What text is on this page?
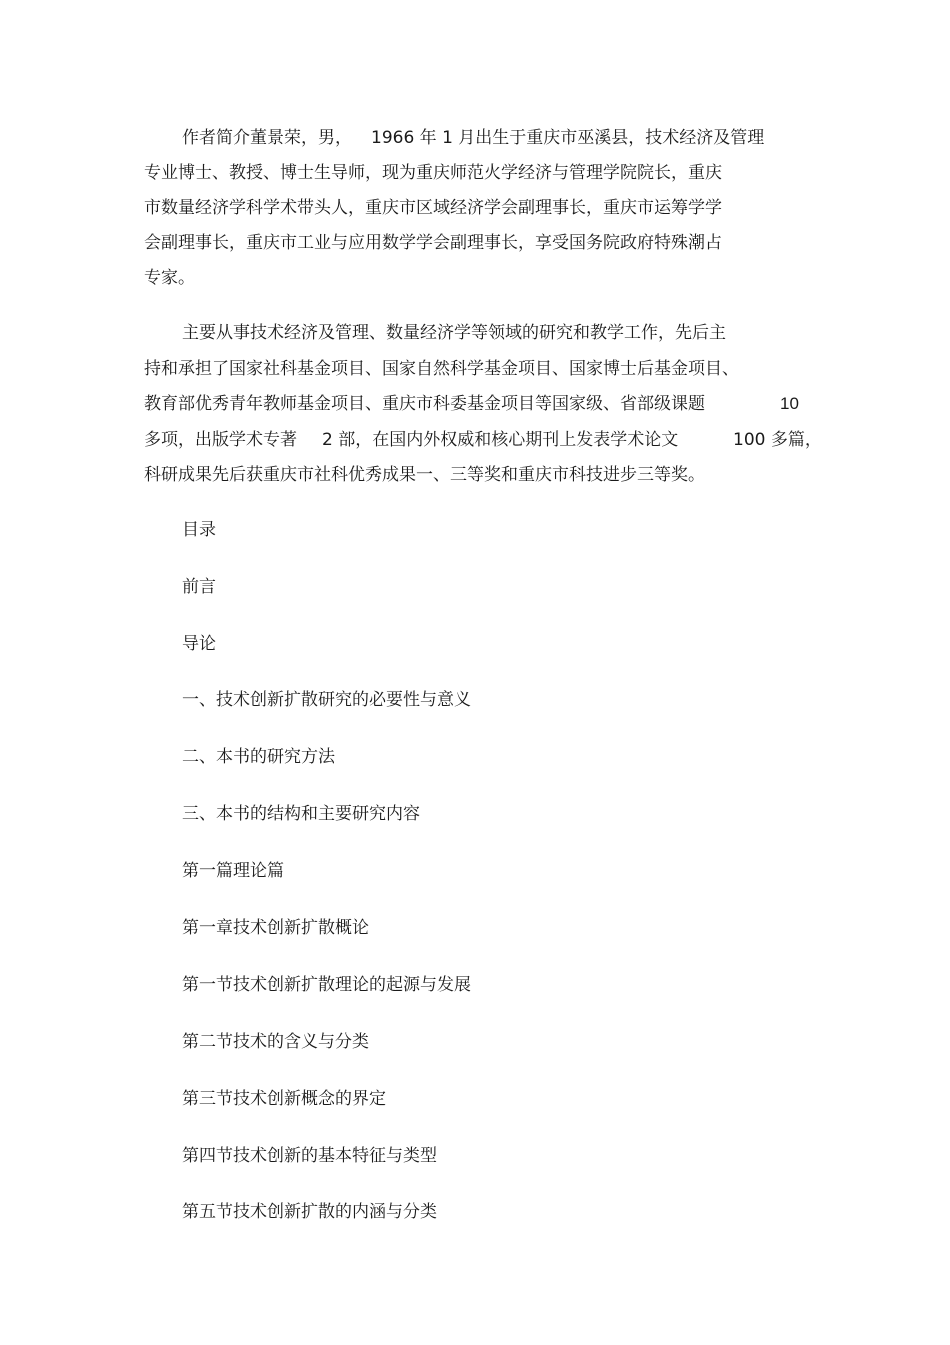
作者简介董景荣，男， 1966 年 1 月出生于重庆市巫溪县，技术经济及管理
专业博士、教授、博士生导师，现为重庆师范火学经济与管理学院院长，重庆
市数量经济学科学术带头人，重庆市区域经济学会副理事长，重庆市运筹学学
会副理事长，重庆市工业与应用数学学会副理事长，享受国务院政府特殊潮占
专家。
主要从事技术经济及管理、数量经济学等领域的研究和教学工作，先后主
持和承担了国家社科基金项目、国家自然科学基金项目、国家博士后基金项目、
教育部优秀青年教师基金项目、重庆市科委基金项目等国家级、省部级课题	10
多项，出版学术专著 2 部，在国内外权威和核心期刊上发表学术论文	100 多篇，
科研成果先后获重庆市社科优秀成果一、三等奖和重庆市科技进步三等奖。
目录
前言
导论
一、技术创新扩散研究的必要性与意义
二、本书的研究方法
三、本书的结构和主要研究内容
第一篇理论篇
第一章技术创新扩散概论
第一节技术创新扩散理论的起源与发展
第二节技术的含义与分类
第三节技术创新概念的界定
第四节技术创新的基本特征与类型
第五节技术创新扩散的内涵与分类
